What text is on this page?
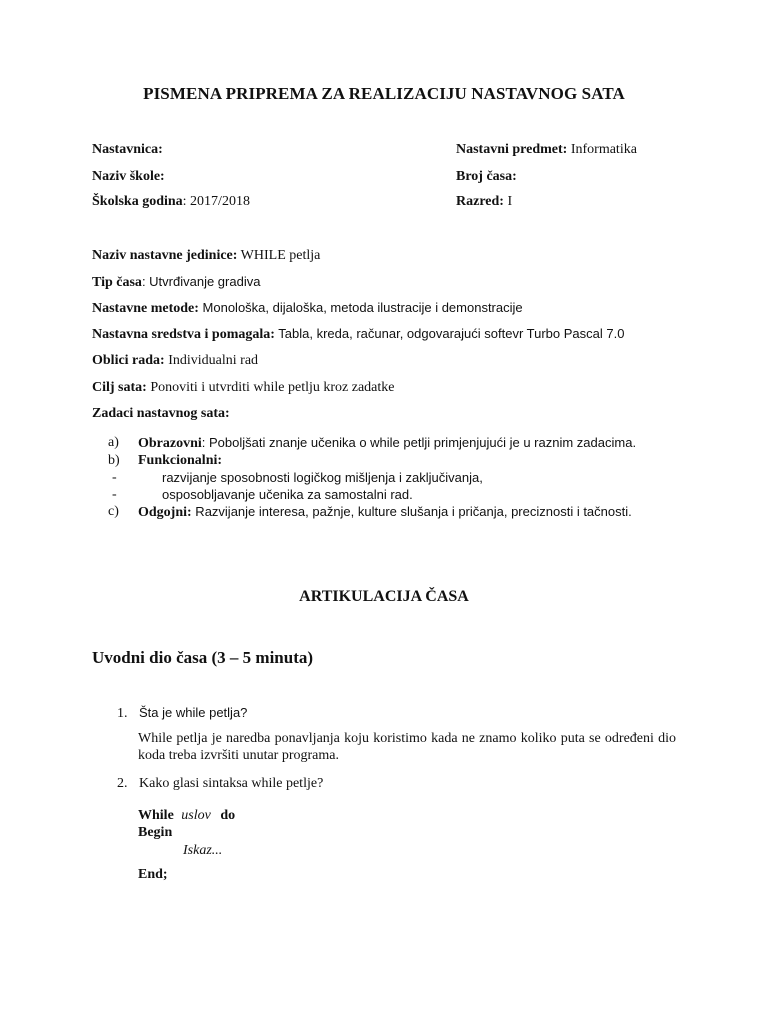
PISMENA PRIPREMA ZA REALIZACIJU NASTAVNOG SATA
Nastavnica:
Naziv škole:
Školska godina: 2017/2018
Nastavni predmet: Informatika
Broj časa:
Razred: I
Naziv nastavne jedinice: WHILE petlja
Tip časa: Utvrđivanje gradiva
Nastavne metode: Monološka, dijaloška, metoda ilustracije i demonstracije
Nastavna sredstva i pomagala: Tabla, kreda, računar, odgovarajući softevr Turbo Pascal 7.0
Oblici rada: Individualni rad
Cilj sata: Ponoviti i utvrditi while petlju kroz zadatke
Zadaci nastavnog sata:
a) Obrazovni: Poboljšati znanje učenika o while petlji primjenjujući je u raznim zadacima.
b) Funkcionalni:
-	razvijanje sposobnosti logičkog mišljenja i zaključivanja,
-	osposobljavanje učenika za samostalni rad.
c) Odgojni: Razvijanje interesa, pažnje, kulture slušanja i pričanja, preciznosti i tačnosti.
ARTIKULACIJA ČASA
Uvodni dio časa (3 – 5 minuta)
1. Šta je while petlja?
While petlja je naredba ponavljanja koju koristimo kada ne znamo koliko puta se određeni dio koda treba izvršiti unutar programa.
2. Kako glasi sintaksa while petlje?
While uslov do
Begin
Iskaz...
End;
